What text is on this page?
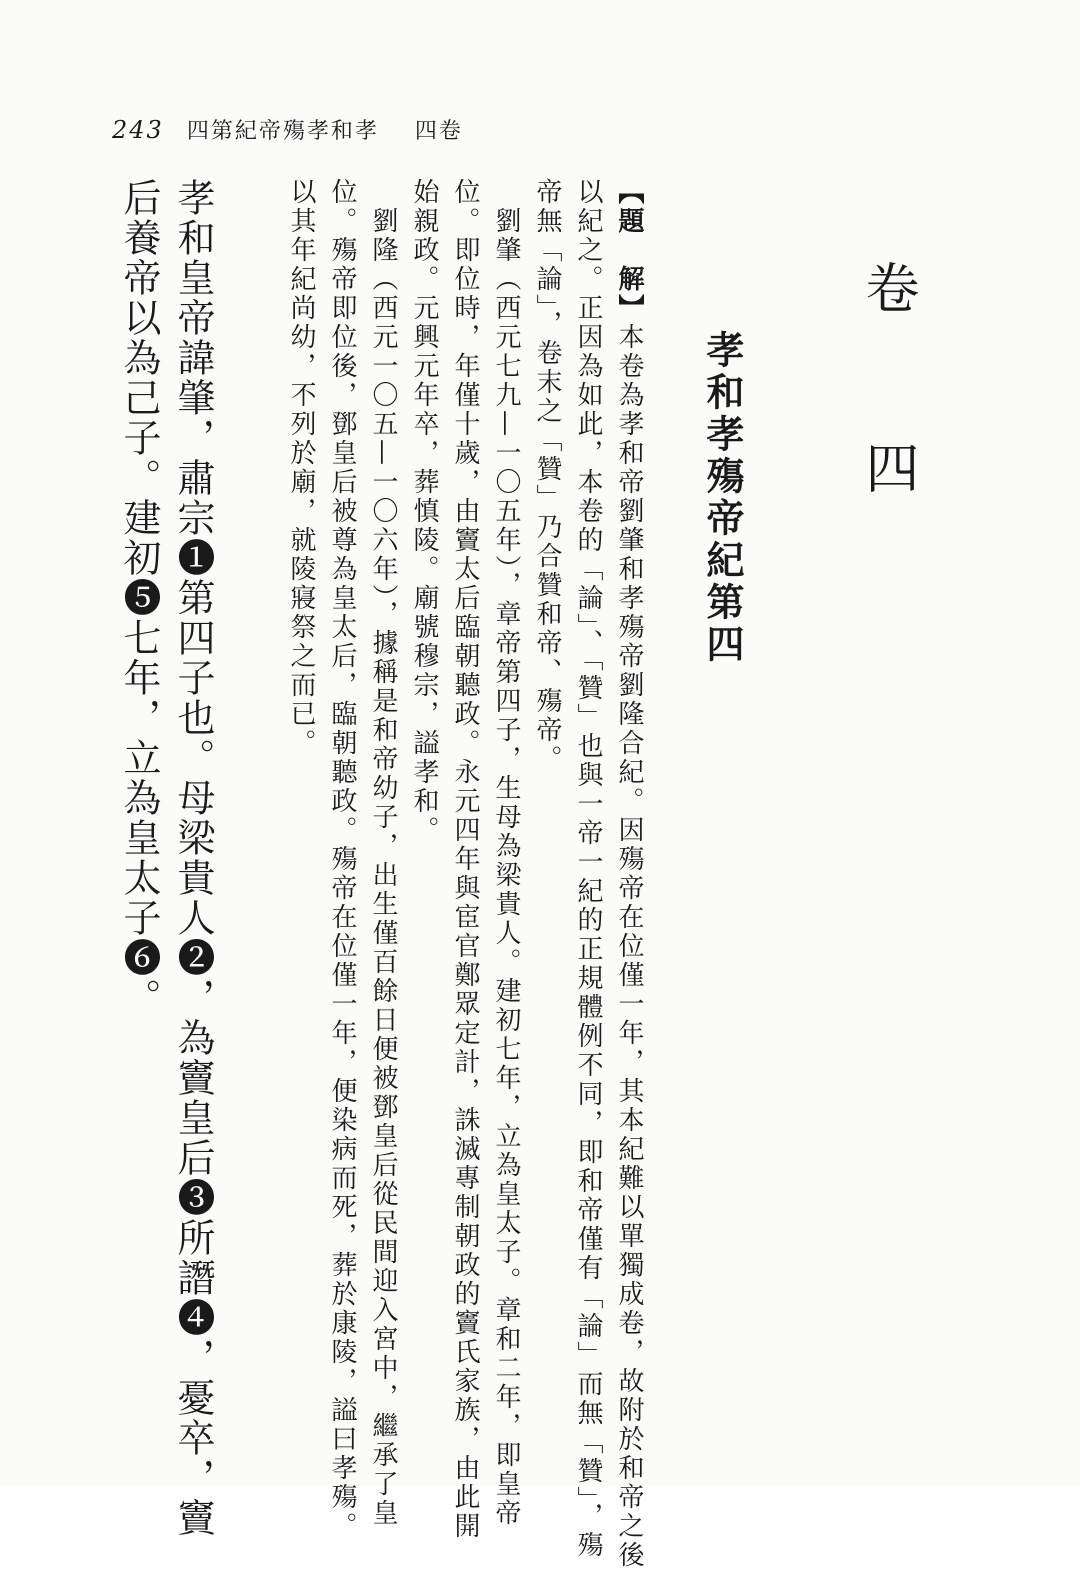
243 四第紀帝殤孝和孝 四卷
卷　四
孝和孝殤帝紀第四
【題　解】本卷為孝和帝劉肇和孝殤帝劉隆合紀。因殤帝在位僅一年，其本紀難以單獨成卷，故附於和帝之後
以紀之。正因為如此，本卷的「論」、「贊」也與一帝一紀的正規體例不同，即和帝僅有「論」而無「贊」，殤
帝無「論」，卷末之「贊」乃合贊和帝、殤帝。
　劉肇（西元七九—一〇五年），章帝第四子，生母為梁貴人。建初七年，立為皇太子。章和二年，即皇帝
位。即位時，年僅十歲，由竇太后臨朝聽政。永元四年與宦官鄭眾定計，誅滅專制朝政的竇氏家族，由此開
始親政。元興元年卒，葬慎陵。廟號穆宗，謚孝和。
　劉隆（西元一〇五—一〇六年），據稱是和帝幼子，出生僅百餘日便被鄧皇后從民間迎入宮中，繼承了皇
位。殤帝即位後，鄧皇后被尊為皇太后，臨朝聽政。殤帝在位僅一年，便染病而死，葬於康陵，謚曰孝殤。
以其年紀尚幼，不列於廟，就陵寢祭之而已。
孝和皇帝諱肇，肅宗❶第四子也。母梁貴人❷，為竇皇后❸所譖❹，憂卒，竇
后養帝以為己子。建初❺七年，立為皇太子❻。
